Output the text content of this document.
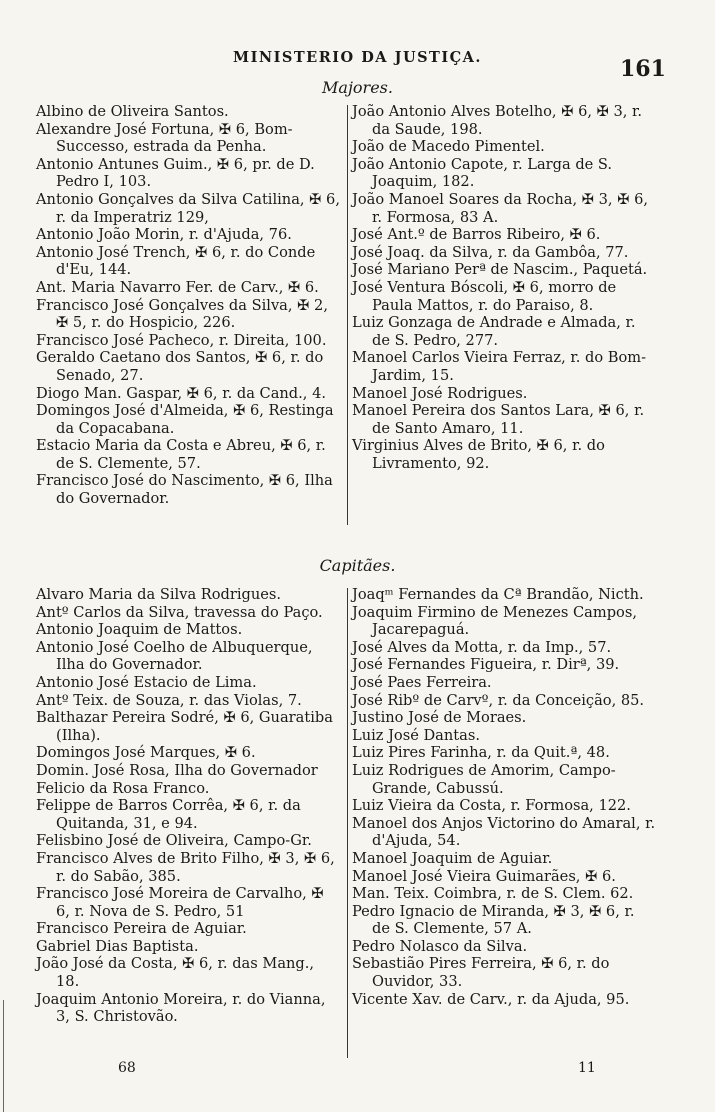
MINISTERIO DA JUSTIÇA.	161
Majores.
Albino de Oliveira Santos.
Alexandre José Fortuna, ✠ 6, Bom-Successo, estrada da Penha.
Antonio Antunes Guim., ✠ 6, pr. de D. Pedro I, 103.
Antonio Gonçalves da Silva Catilina, ✠ 6, r. da Imperatriz 129,
Antonio João Morin, r. d'Ajuda, 76.
Antonio José Trench, ✠ 6, r. do Conde d'Eu, 144.
Ant. Maria Navarro Fer. de Carv., ✠ 6.
Francisco José Gonçalves da Silva, ✠ 2, ✠ 5, r. do Hospicio, 226.
Francisco José Pacheco, r. Direita, 100.
Geraldo Caetano dos Santos, ✠ 6, r. do Senado, 27.
Diogo Man. Gaspar, ✠ 6, r. da Cand., 4.
Domingos José d'Almeida, ✠ 6, Restinga da Copacabana.
Estacio Maria da Costa e Abreu, ✠ 6, r. de S. Clemente, 57.
Francisco José do Nascimento, ✠ 6, Ilha do Governador.
João Antonio Alves Botelho, ✠ 6, ✠ 3, r. da Saude, 198.
João de Macedo Pimentel.
João Antonio Capote, r. Larga de S. Joaquim, 182.
João Manoel Soares da Rocha, ✠ 3, ✠ 6, r. Formosa, 83 A.
José Ant.º de Barros Ribeiro, ✠ 6.
José Joaq. da Silva, r. da Gambôa, 77.
José Mariano Perª de Nascim., Paquetá.
José Ventura Bóscoli, ✠ 6, morro de Paula Mattos, r. do Paraiso, 8.
Luiz Gonzaga de Andrade e Almada, r. de S. Pedro, 277.
Manoel Carlos Vieira Ferraz, r. do Bom-Jardim, 15.
Manoel José Rodrigues.
Manoel Pereira dos Santos Lara, ✠ 6, r. de Santo Amaro, 11.
Virginius Alves de Brito, ✠ 6, r. do Livramento, 92.
Capitães.
Alvaro Maria da Silva Rodrigues.
Antº Carlos da Silva, travessa do Paço.
Antonio Joaquim de Mattos.
Antonio José Coelho de Albuquerque, Ilha do Governador.
Antonio José Estacio de Lima.
Antº Teix. de Souza, r. das Violas, 7.
Balthazar Pereira Sodré, ✠ 6, Guaratiba (Ilha).
Domingos José Marques, ✠ 6.
Domin. José Rosa, Ilha do Governador
Felicio da Rosa Franco.
Felippe de Barros Corrêa, ✠ 6, r. da Quitanda, 31, e 94.
Felisbino José de Oliveira, Campo-Gr.
Francisco Alves de Brito Filho, ✠ 3, ✠ 6, r. do Sabão, 385.
Francisco José Moreira de Carvalho, ✠ 6, r. Nova de S. Pedro, 51
Francisco Pereira de Aguiar.
Gabriel Dias Baptista.
João José da Costa, ✠ 6, r. das Mang., 18.
Joaquim Antonio Moreira, r. do Vianna, 3, S. Christovão.
Joaqᵐ Fernandes da Cª Brandão, Nicth.
Joaquim Firmino de Menezes Campos, Jacarepaguá.
José Alves da Motta, r. da Imp., 57.
José Fernandes Figueira, r. Dirª, 39.
José Paes Ferreira.
José Ribº de Carvº, r. da Conceição, 85.
Justino José de Moraes.
Luiz José Dantas.
Luiz Pires Farinha, r. da Quit.ª, 48.
Luiz Rodrigues de Amorim, Campo-Grande, Cabussú.
Luiz Vieira da Costa, r. Formosa, 122.
Manoel dos Anjos Victorino do Amaral, r. d'Ajuda, 54.
Manoel Joaquim de Aguiar.
Manoel José Vieira Guimarães, ✠ 6.
Man. Teix. Coimbra, r. de S. Clem. 62.
Pedro Ignacio de Miranda, ✠ 3, ✠ 6, r. de S. Clemente, 57 A.
Pedro Nolasco da Silva.
Sebastião Pires Ferreira, ✠ 6, r. do Ouvidor, 33.
Vicente Xav. de Carv., r. da Ajuda, 95.
68	11
